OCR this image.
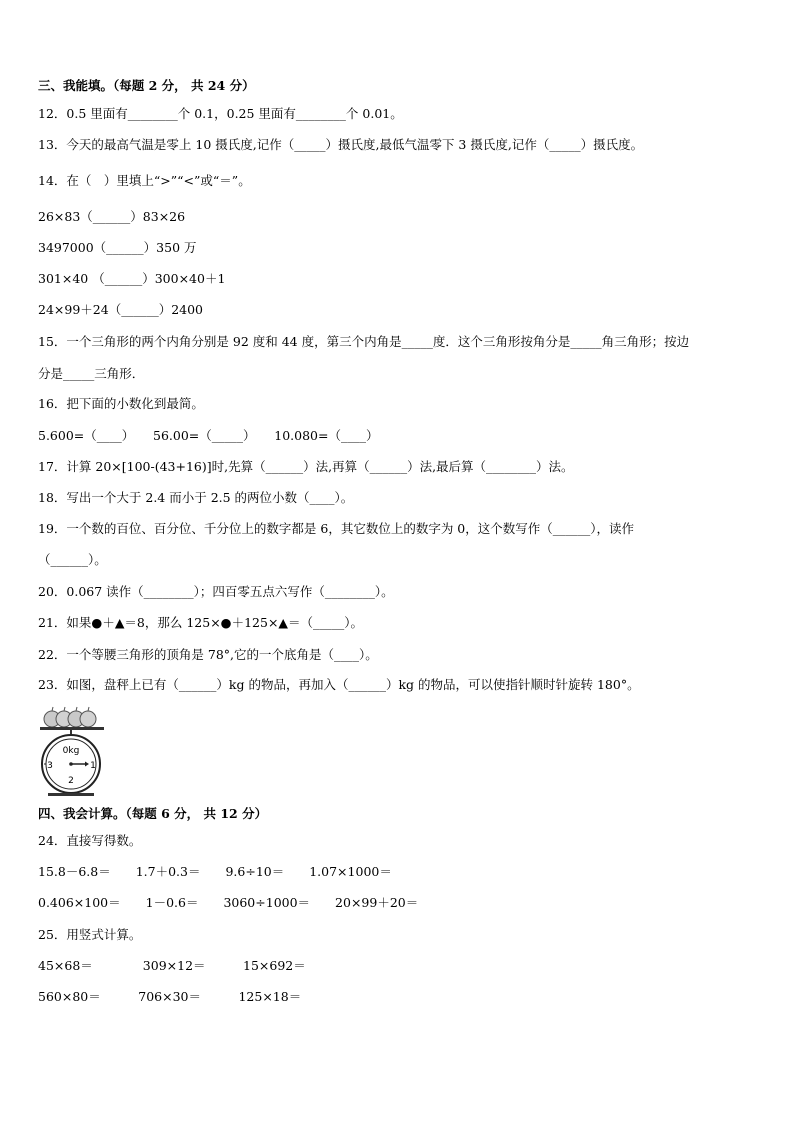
三、我能填。（每题 2 分， 共 24 分）
12．0.5 里面有________个 0.1，0.25 里面有________个 0.01。
13．今天的最高气温是零上 10 摄氏度,记作（_____）摄氏度,最低气温零下 3 摄氏度,记作（_____）摄氏度。
14．在（　）里填上“>”“<”或“＝”。
26×83（______）83×26
3497000（______）350 万
301×40 （______）300×40＋1
24×99＋24（______）2400
15．一个三角形的两个内角分别是 92 度和 44 度，第三个内角是_____度．这个三角形按角分是_____角三角形；按边
分是_____三角形．
16．把下面的小数化到最简。
5.600=（____）　　56.00=（_____）　　10.080=（____）
17．计算 20×[100-(43+16)]时,先算（______）法,再算（______）法,最后算（________）法。
18．写出一个大于 2.4 而小于 2.5 的两位小数（____）。
19．一个数的百位、百分位、千分位上的数字都是 6，其它数位上的数字为 0，这个数写作（______），读作
（______）。
20．0.067 读作（________）；四百零五点六写作（________）。
21．如果●＋▲＝8，那么 125×●＋125×▲＝（_____）。
22．一个等腰三角形的顶角是 78°,它的一个底角是（____）。
23．如图，盘秤上已有（______）kg 的物品，再加入（______）kg 的物品，可以使指针顺时针旋转 180°。
0kg
1
2
3
四、我会计算。（每题 6 分， 共 12 分）
24．直接写得数。
15.8－6.8＝　　1.7＋0.3＝　　9.6÷10＝　　1.07×1000＝
0.406×100＝　　1－0.6＝　　3060÷1000＝　　20×99＋20＝
25．用竖式计算。
45×68＝　　　　309×12＝　　　15×692＝
560×80＝　　　706×30＝　　　125×18＝
